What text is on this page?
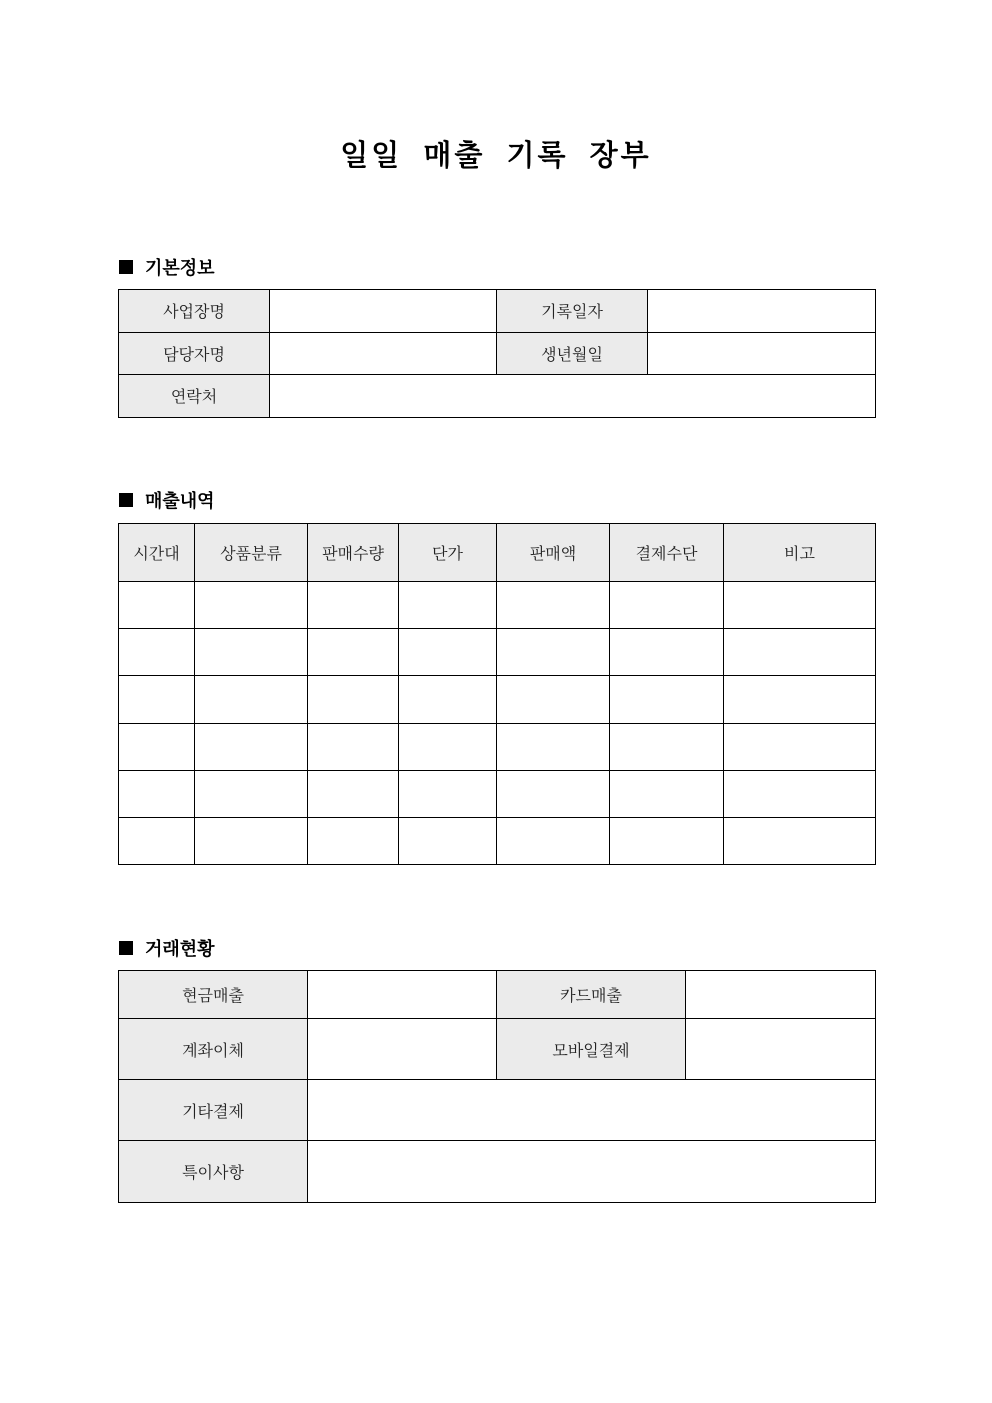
일일 매출 기록 장부
기본정보
사업장명		기록일자	
담당자명		생년월일	
연락처			
매출내역
시간대	상품분류	판매수량	단가	판매액	결제수단	비고

거래현황
현금매출		카드매출	
계좌이체		모바일결제	
기타결제			
특이사항			
